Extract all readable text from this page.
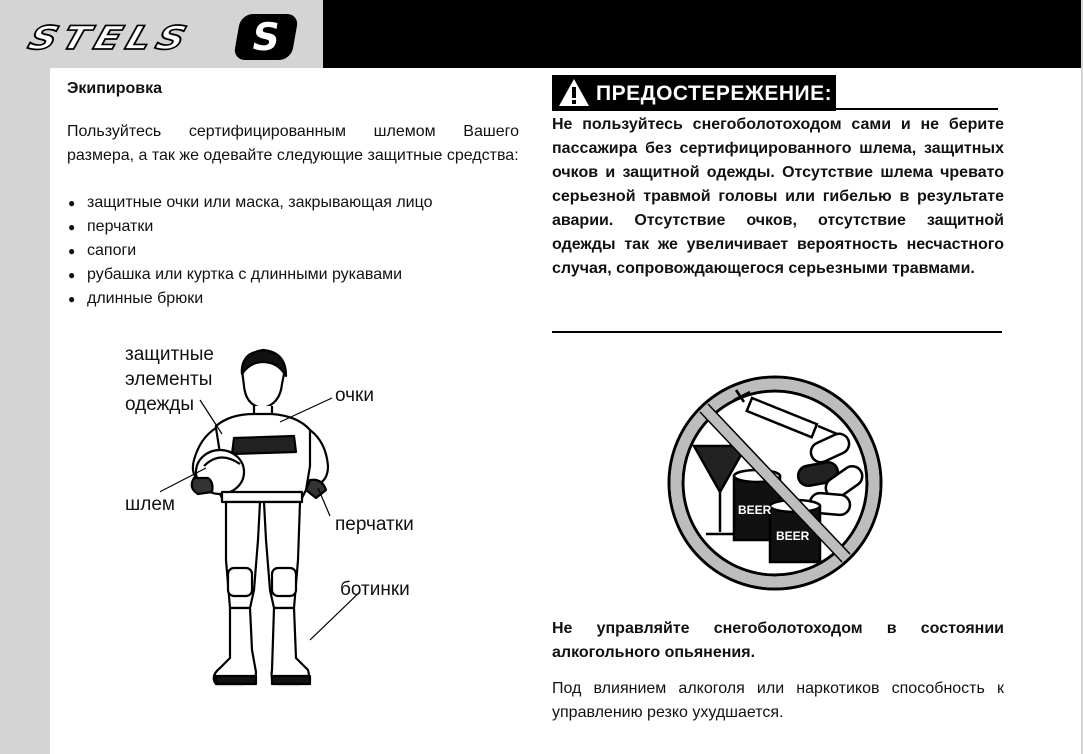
STELS	S
Экипировка
Пользуйтесь сертифицированным шлемом Вашего размера, а так же одевайте следующие защитные средства:
● защитные очки или маска, закрывающая лицо
● перчатки
● сапоги
● рубашка или куртка с длинными рукавами
● длинные брюки
защитные
элементы
одежды	очки
шлем
перчатки
ботинки
ПРЕДОСТЕРЕЖЕНИЕ:
Не пользуйтесь снегоболотоходом сами и не берите пассажира без сертифицированного шлема, защитных очков и защитной одежды. Отсутствие шлема чревато серьезной травмой головы или гибелью в результате аварии. Отсутствие очков, отсутствие защитной одежды так же увеличивает вероятность несчастного случая, сопровождающегося серьезными травмами.
BEER
BEER
Не управляйте снегоболотоходом в состоянии алкогольного опьянения.
Под влиянием алкоголя или наркотиков способность к управлению резко ухудшается.
